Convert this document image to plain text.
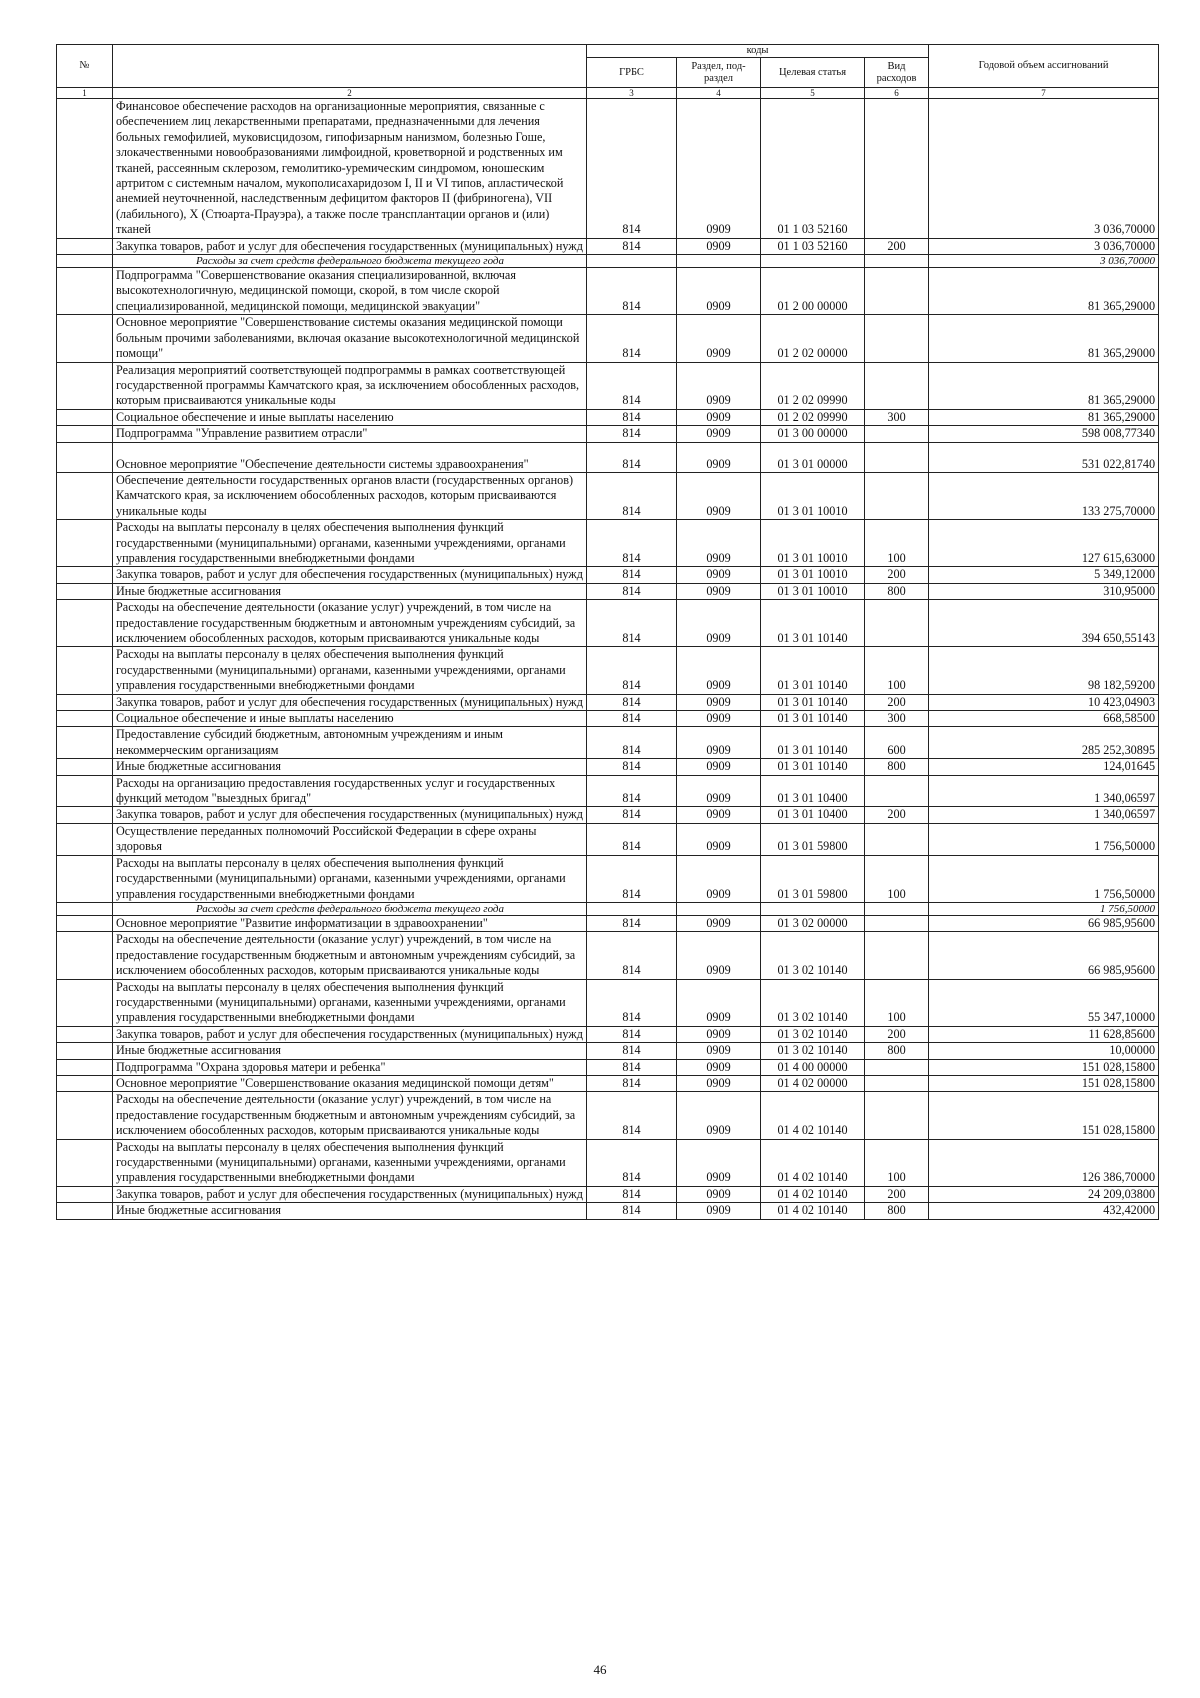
№		коды				Годовой объем ассигнований
		ГРБС	Раздел, под-раздел	Целевая статья	Вид расходов	
1	2	3	4	5	6	7
	Финансовое обеспечение расходов на организационные мероприятия, связанные с обеспечением лиц лекарственными препаратами, предназначенными для лечения больных гемофилией, муковисцидозом, гипофизарным нанизмом, болезнью Гоше, злокачественными новообразованиями лимфоидной, кроветворной и родственных им тканей, рассеянным склерозом, гемолитико-уремическим синдромом, юношеским артритом с системным началом, мукополисахаридозом I, II и VI типов, апластической анемией неуточненной, наследственным дефицитом факторов II (фибриногена), VII (лабильного), X (Стюарта-Прауэра), а также после трансплантации органов и (или) тканей	814	0909	01 1 03 52160		3 036,70000
	Закупка товаров, работ и услуг для обеспечения государственных (муниципальных) нужд	814	0909	01 1 03 52160	200	3 036,70000
	Расходы за счет средств федерального бюджета текущего года					3 036,70000
	Подпрограмма "Совершенствование оказания специализированной, включая высокотехнологичную, медицинской помощи, скорой, в том числе скорой специализированной, медицинской помощи, медицинской эвакуации"	814	0909	01 2 00 00000		81 365,29000
	Основное мероприятие "Совершенствование системы оказания медицинской помощи больным прочими заболеваниями, включая оказание высокотехнологичной медицинской помощи"	814	0909	01 2 02 00000		81 365,29000
	Реализация мероприятий соответствующей подпрограммы в рамках соответствующей государственной программы Камчатского края, за исключением обособленных расходов, которым присваиваются уникальные коды	814	0909	01 2 02 09990		81 365,29000
	Социальное обеспечение и иные выплаты населению	814	0909	01 2 02 09990	300	81 365,29000
	Подпрограмма "Управление развитием отрасли"	814	0909	01 3 00 00000		598 008,77340
	Основное мероприятие "Обеспечение деятельности системы здравоохранения"	814	0909	01 3 01 00000		531 022,81740
	Обеспечение деятельности государственных органов власти (государственных органов) Камчатского края, за исключением обособленных расходов, которым присваиваются уникальные коды	814	0909	01 3 01 10010		133 275,70000
	Расходы на выплаты персоналу в целях обеспечения выполнения функций государственными (муниципальными) органами, казенными учреждениями, органами управления государственными внебюджетными фондами	814	0909	01 3 01 10010	100	127 615,63000
	Закупка товаров, работ и услуг для обеспечения государственных (муниципальных) нужд	814	0909	01 3 01 10010	200	5 349,12000
	Иные бюджетные ассигнования	814	0909	01 3 01 10010	800	310,95000
	Расходы на обеспечение деятельности (оказание услуг) учреждений, в том числе на предоставление государственным бюджетным и автономным учреждениям субсидий, за исключением обособленных расходов, которым присваиваются уникальные коды	814	0909	01 3 01 10140		394 650,55143
	Расходы на выплаты персоналу в целях обеспечения выполнения функций государственными (муниципальными) органами, казенными учреждениями, органами управления государственными внебюджетными фондами	814	0909	01 3 01 10140	100	98 182,59200
	Закупка товаров, работ и услуг для обеспечения государственных (муниципальных) нужд	814	0909	01 3 01 10140	200	10 423,04903
	Социальное обеспечение и иные выплаты населению	814	0909	01 3 01 10140	300	668,58500
	Предоставление субсидий бюджетным, автономным учреждениям и иным некоммерческим организациям	814	0909	01 3 01 10140	600	285 252,30895
	Иные бюджетные ассигнования	814	0909	01 3 01 10140	800	124,01645
	Расходы на организацию предоставления государственных услуг и государственных функций методом "выездных бригад"	814	0909	01 3 01 10400		1 340,06597
	Закупка товаров, работ и услуг для обеспечения государственных (муниципальных) нужд	814	0909	01 3 01 10400	200	1 340,06597
	Осуществление переданных полномочий Российской Федерации в сфере охраны здоровья	814	0909	01 3 01 59800		1 756,50000
	Расходы на выплаты персоналу в целях обеспечения выполнения функций государственными (муниципальными) органами, казенными учреждениями, органами управления государственными внебюджетными фондами	814	0909	01 3 01 59800	100	1 756,50000
	Расходы за счет средств федерального бюджета текущего года					1 756,50000
	Основное мероприятие "Развитие информатизации в здравоохранении"	814	0909	01 3 02 00000		66 985,95600
	Расходы на обеспечение деятельности (оказание услуг) учреждений, в том числе на предоставление государственным бюджетным и автономным учреждениям субсидий, за исключением обособленных расходов, которым присваиваются уникальные коды	814	0909	01 3 02 10140		66 985,95600
	Расходы на выплаты персоналу в целях обеспечения выполнения функций государственными (муниципальными) органами, казенными учреждениями, органами управления государственными внебюджетными фондами	814	0909	01 3 02 10140	100	55 347,10000
	Закупка товаров, работ и услуг для обеспечения государственных (муниципальных) нужд	814	0909	01 3 02 10140	200	11 628,85600
	Иные бюджетные ассигнования	814	0909	01 3 02 10140	800	10,00000
	Подпрограмма "Охрана здоровья матери и ребенка"	814	0909	01 4 00 00000		151 028,15800
	Основное мероприятие "Совершенствование оказания медицинской помощи детям"	814	0909	01 4 02 00000		151 028,15800
	Расходы на обеспечение деятельности (оказание услуг) учреждений, в том числе на предоставление государственным бюджетным и автономным учреждениям субсидий, за исключением обособленных расходов, которым присваиваются уникальные коды	814	0909	01 4 02 10140		151 028,15800
	Расходы на выплаты персоналу в целях обеспечения выполнения функций государственными (муниципальными) органами, казенными учреждениями, органами управления государственными внебюджетными фондами	814	0909	01 4 02 10140	100	126 386,70000
	Закупка товаров, работ и услуг для обеспечения государственных (муниципальных) нужд	814	0909	01 4 02 10140	200	24 209,03800
	Иные бюджетные ассигнования	814	0909	01 4 02 10140	800	432,42000
46
